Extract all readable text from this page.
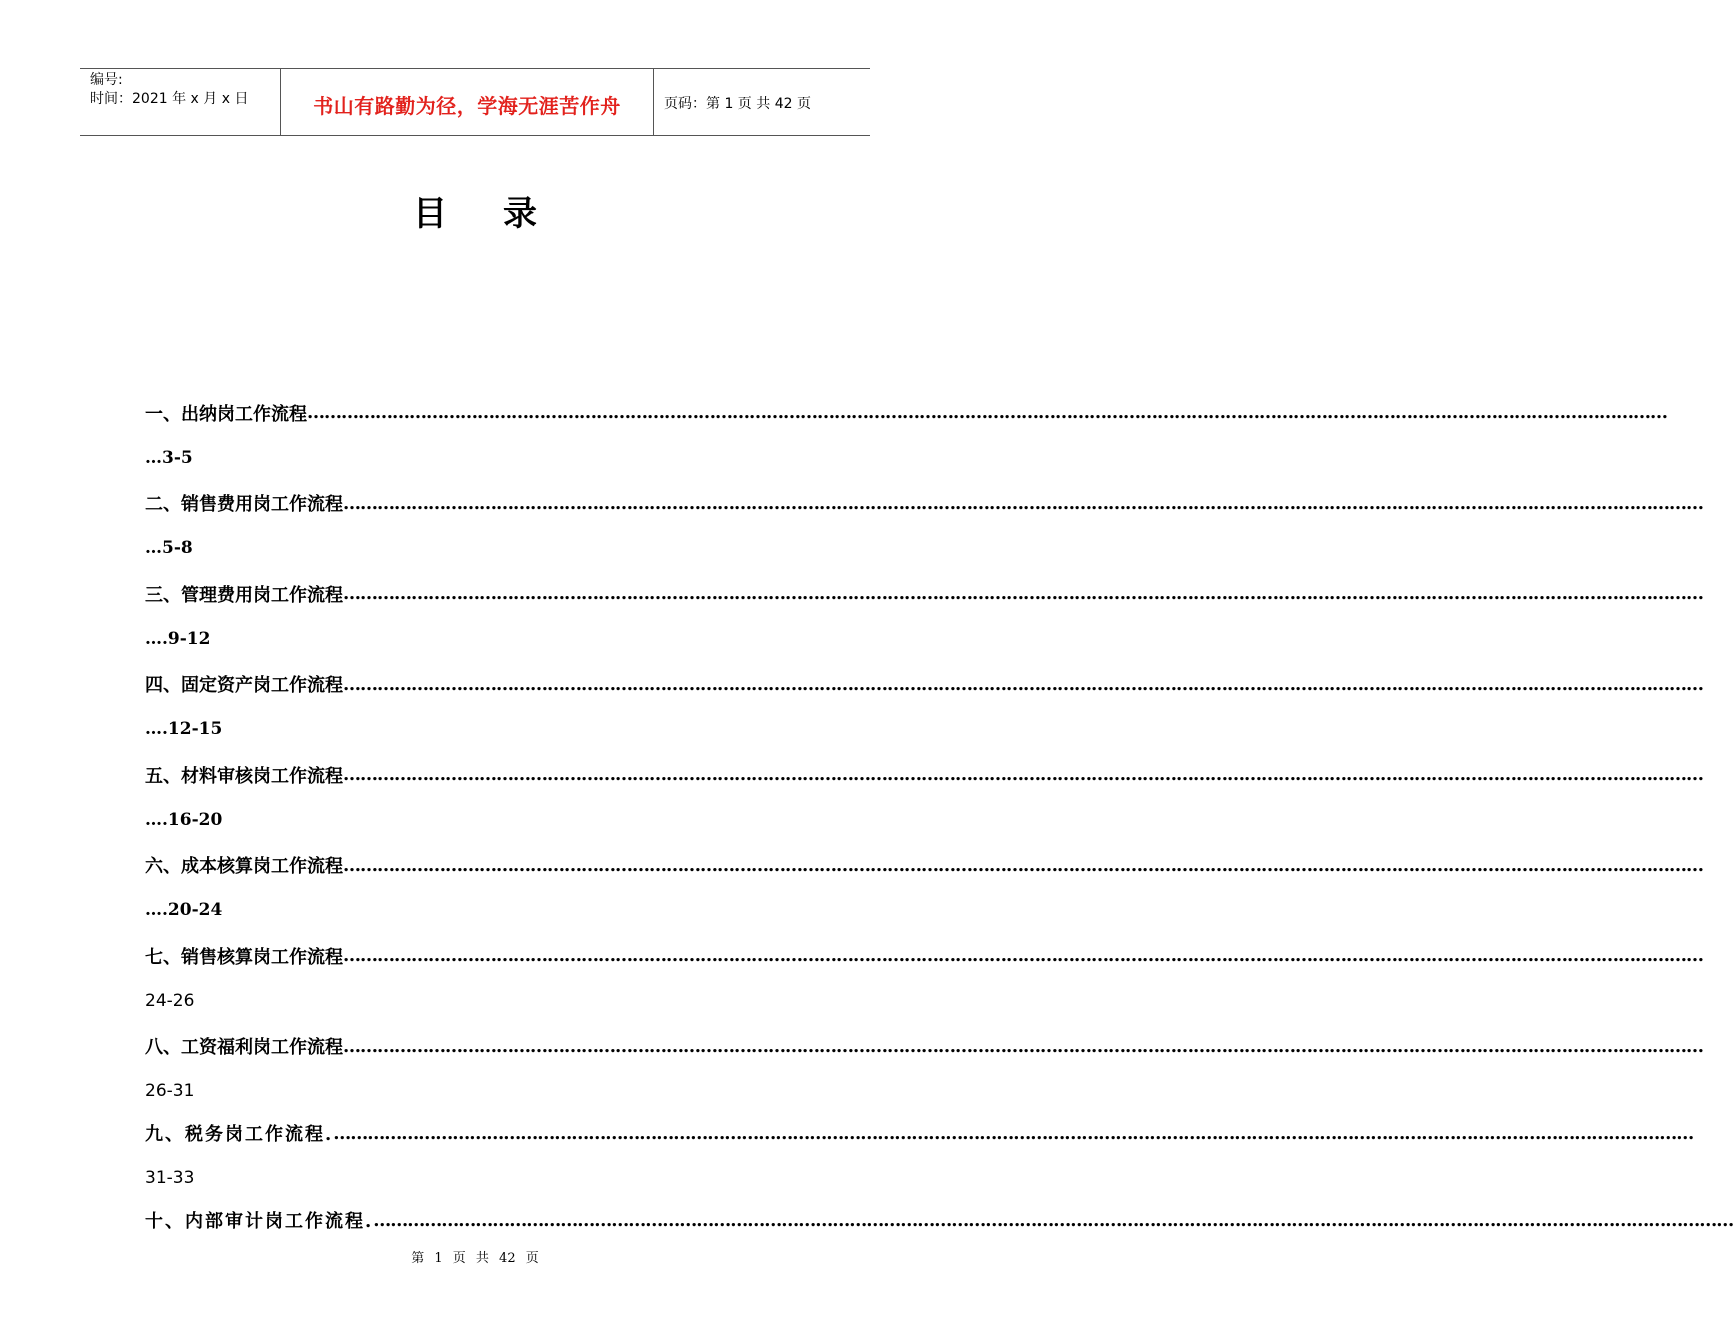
编号:
时间：2021 年 x 月 x 日	书山有路勤为径，学海无涯苦作舟	页码：第 1 页 共 42 页
目录
一、出纳岗工作流程 ……………………………………………………………………………………………………………………………………………………………………………………………………………………
…3-5
二、销售费用岗工作流程 ……………………………………………………………………………………………………………………………………………………………………………………………………………………
…5-8
三、管理费用岗工作流程 ……………………………………………………………………………………………………………………………………………………………………………………………………………………
….9-12
四、固定资产岗工作流程 ……………………………………………………………………………………………………………………………………………………………………………………………………………………
….12-15
五、材料审核岗工作流程 ……………………………………………………………………………………………………………………………………………………………………………………………………………………
….16-20
六、成本核算岗工作流程 ……………………………………………………………………………………………………………………………………………………………………………………………………………………
….20-24
七、销售核算岗工作流程 ……………………………………………………………………………………………………………………………………………………………………………………………………………………
24-26
八、工资福利岗工作流程 ……………………………………………………………………………………………………………………………………………………………………………………………………………………
26-31
九、税务岗工作流程. ……………………………………………………………………………………………………………………………………………………………………………………………………………………
31-33
十、内部审计岗工作流程. ……………………………………………………………………………………………………………………………………………………………………………………………………………………
第 1 页 共 42 页
